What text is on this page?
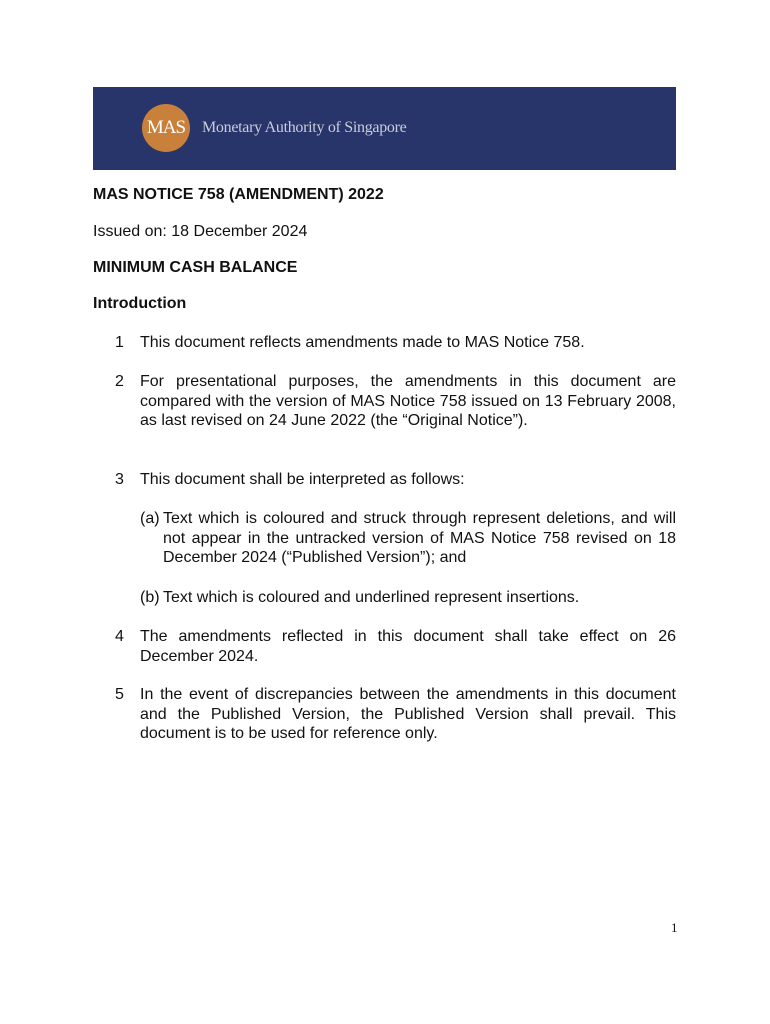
MAS Monetary Authority of Singapore
MAS NOTICE 758 (AMENDMENT) 2022
Issued on: 18 December 2024
MINIMUM CASH BALANCE
Introduction
1 This document reflects amendments made to MAS Notice 758.
2 For presentational purposes, the amendments in this document are compared with the version of MAS Notice 758 issued on 13 February 2008, as last revised on 24 June 2022 (the “Original Notice”).
3 This document shall be interpreted as follows:
(a) Text which is coloured and struck through represent deletions, and will not appear in the untracked version of MAS Notice 758 revised on 18 December 2024 (“Published Version”); and
(b) Text which is coloured and underlined represent insertions.
4 The amendments reflected in this document shall take effect on 26 December 2024.
5 In the event of discrepancies between the amendments in this document and the Published Version, the Published Version shall prevail. This document is to be used for reference only.
1
